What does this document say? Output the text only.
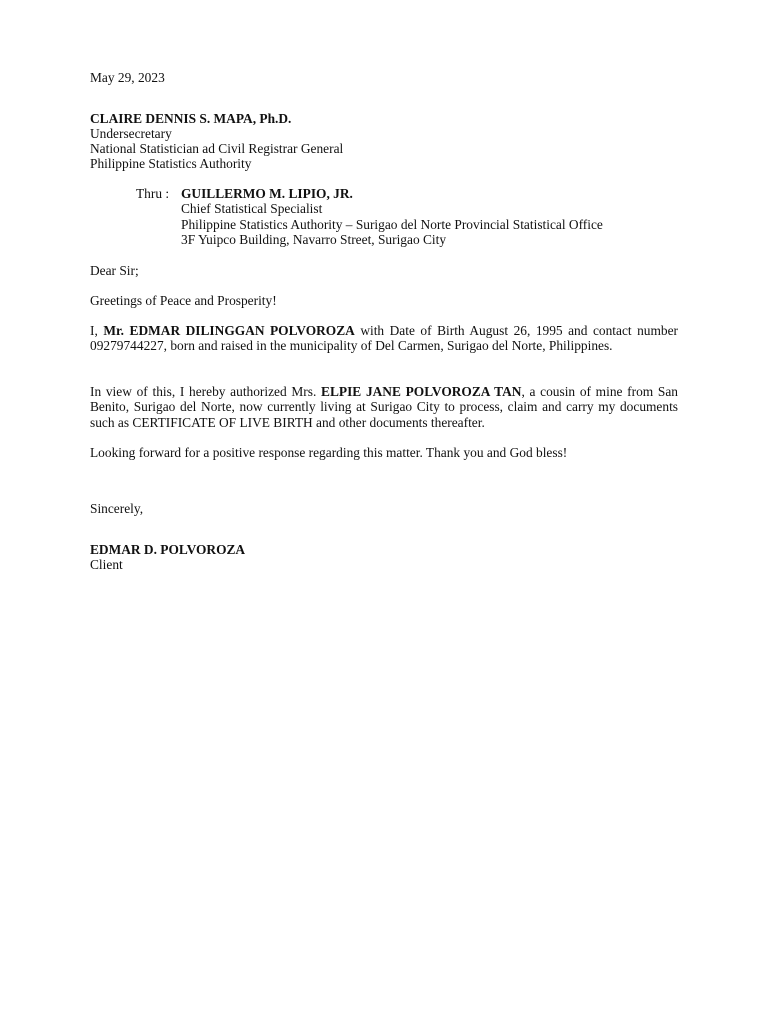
May 29, 2023
CLAIRE DENNIS S. MAPA, Ph.D.
Undersecretary
National Statistician ad Civil Registrar General
Philippine Statistics Authority
Thru : GUILLERMO M. LIPIO, JR.
Chief Statistical Specialist
Philippine Statistics Authority – Surigao del Norte Provincial Statistical Office
3F Yuipco Building, Navarro Street, Surigao City
Dear Sir;
Greetings of Peace and Prosperity!
I, Mr. EDMAR DILINGGAN POLVOROZA with Date of Birth August 26, 1995 and contact number 09279744227, born and raised in the municipality of Del Carmen, Surigao del Norte, Philippines.
In view of this, I hereby authorized Mrs. ELPIE JANE POLVOROZA TAN, a cousin of mine from San Benito, Surigao del Norte, now currently living at Surigao City to process, claim and carry my documents such as CERTIFICATE OF LIVE BIRTH and other documents thereafter.
Looking forward for a positive response regarding this matter. Thank you and God bless!
Sincerely,
EDMAR D. POLVOROZA
Client
